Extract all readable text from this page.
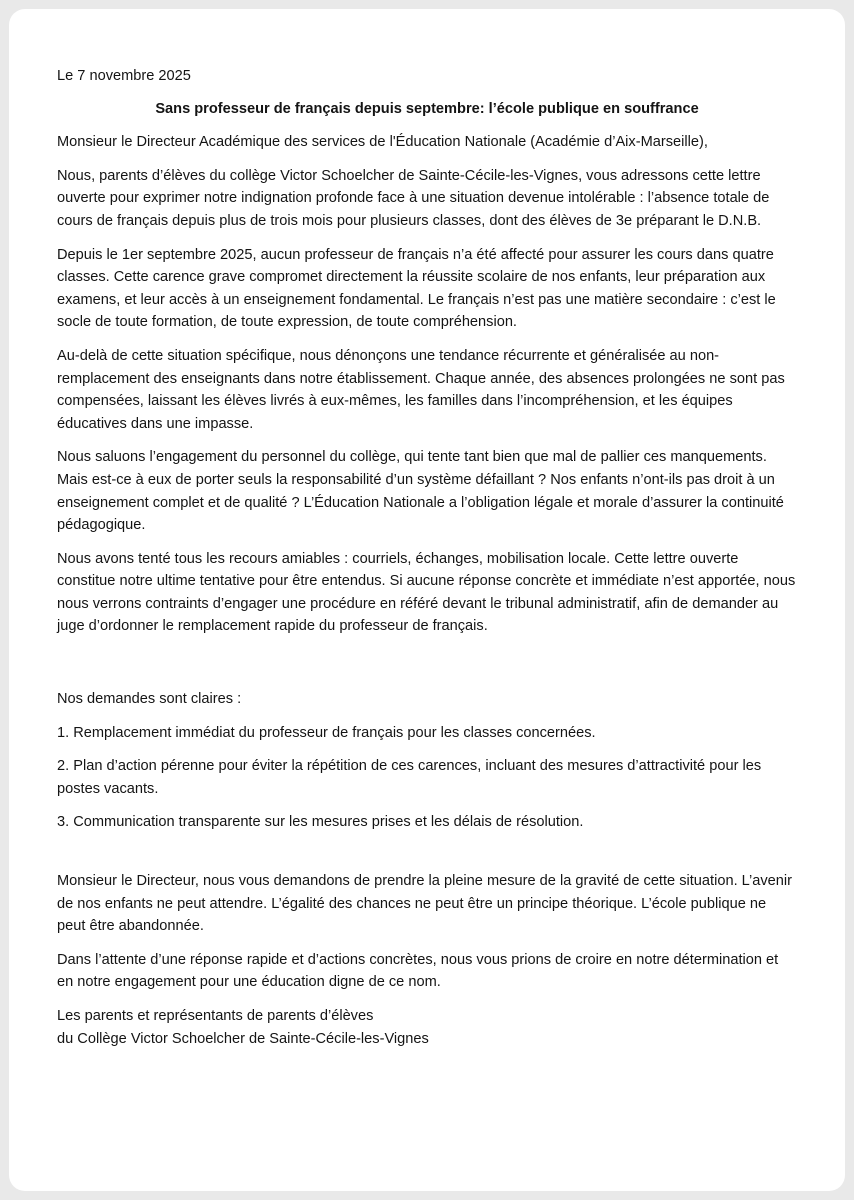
Le 7 novembre 2025

Sans professeur de français depuis septembre: l’école publique en souffrance

Monsieur le Directeur Académique des services de l'Éducation Nationale (Académie d’Aix-Marseille),

Nous, parents d’élèves du collège Victor Schoelcher de Sainte-Cécile-les-Vignes, vous adressons cette lettre ouverte pour exprimer notre indignation profonde face à une situation devenue intolérable : l’absence totale de cours de français depuis plus de trois mois pour plusieurs classes, dont des élèves de 3e préparant le D.N.B.

Depuis le 1er septembre 2025, aucun professeur de français n’a été affecté pour assurer les cours dans quatre classes. Cette carence grave compromet directement la réussite scolaire de nos enfants, leur préparation aux examens, et leur accès à un enseignement fondamental. Le français n’est pas une matière secondaire : c’est le socle de toute formation, de toute expression, de toute compréhension.

Au-delà de cette situation spécifique, nous dénonçons une tendance récurrente et généralisée au non-remplacement des enseignants dans notre établissement. Chaque année, des absences prolongées ne sont pas compensées, laissant les élèves livrés à eux-mêmes, les familles dans l’incompréhension, et les équipes éducatives dans une impasse.

Nous saluons l’engagement du personnel du collège, qui tente tant bien que mal de pallier ces manquements. Mais est-ce à eux de porter seuls la responsabilité d’un système défaillant ? Nos enfants n’ont-ils pas droit à un enseignement complet et de qualité ? L’Éducation Nationale a l’obligation légale et morale d’assurer la continuité pédagogique.

Nous avons tenté tous les recours amiables : courriels, échanges, mobilisation locale. Cette lettre ouverte constitue notre ultime tentative pour être entendus. Si aucune réponse concrète et immédiate n’est apportée, nous nous verrons contraints d’engager une procédure en référé devant le tribunal administratif, afin de demander au juge d’ordonner le remplacement rapide du professeur de français.

Nos demandes sont claires :

1. Remplacement immédiat du professeur de français pour les classes concernées.

2. Plan d’action pérenne pour éviter la répétition de ces carences, incluant des mesures d’attractivité pour les postes vacants.

3. Communication transparente sur les mesures prises et les délais de résolution.

Monsieur le Directeur, nous vous demandons de prendre la pleine mesure de la gravité de cette situation. L’avenir de nos enfants ne peut attendre. L’égalité des chances ne peut être un principe théorique. L’école publique ne peut être abandonnée.

Dans l’attente d’une réponse rapide et d’actions concrètes, nous vous prions de croire en notre détermination et en notre engagement pour une éducation digne de ce nom.

Les parents et représentants de parents d’élèves
du Collège Victor Schoelcher de Sainte-Cécile-les-Vignes
